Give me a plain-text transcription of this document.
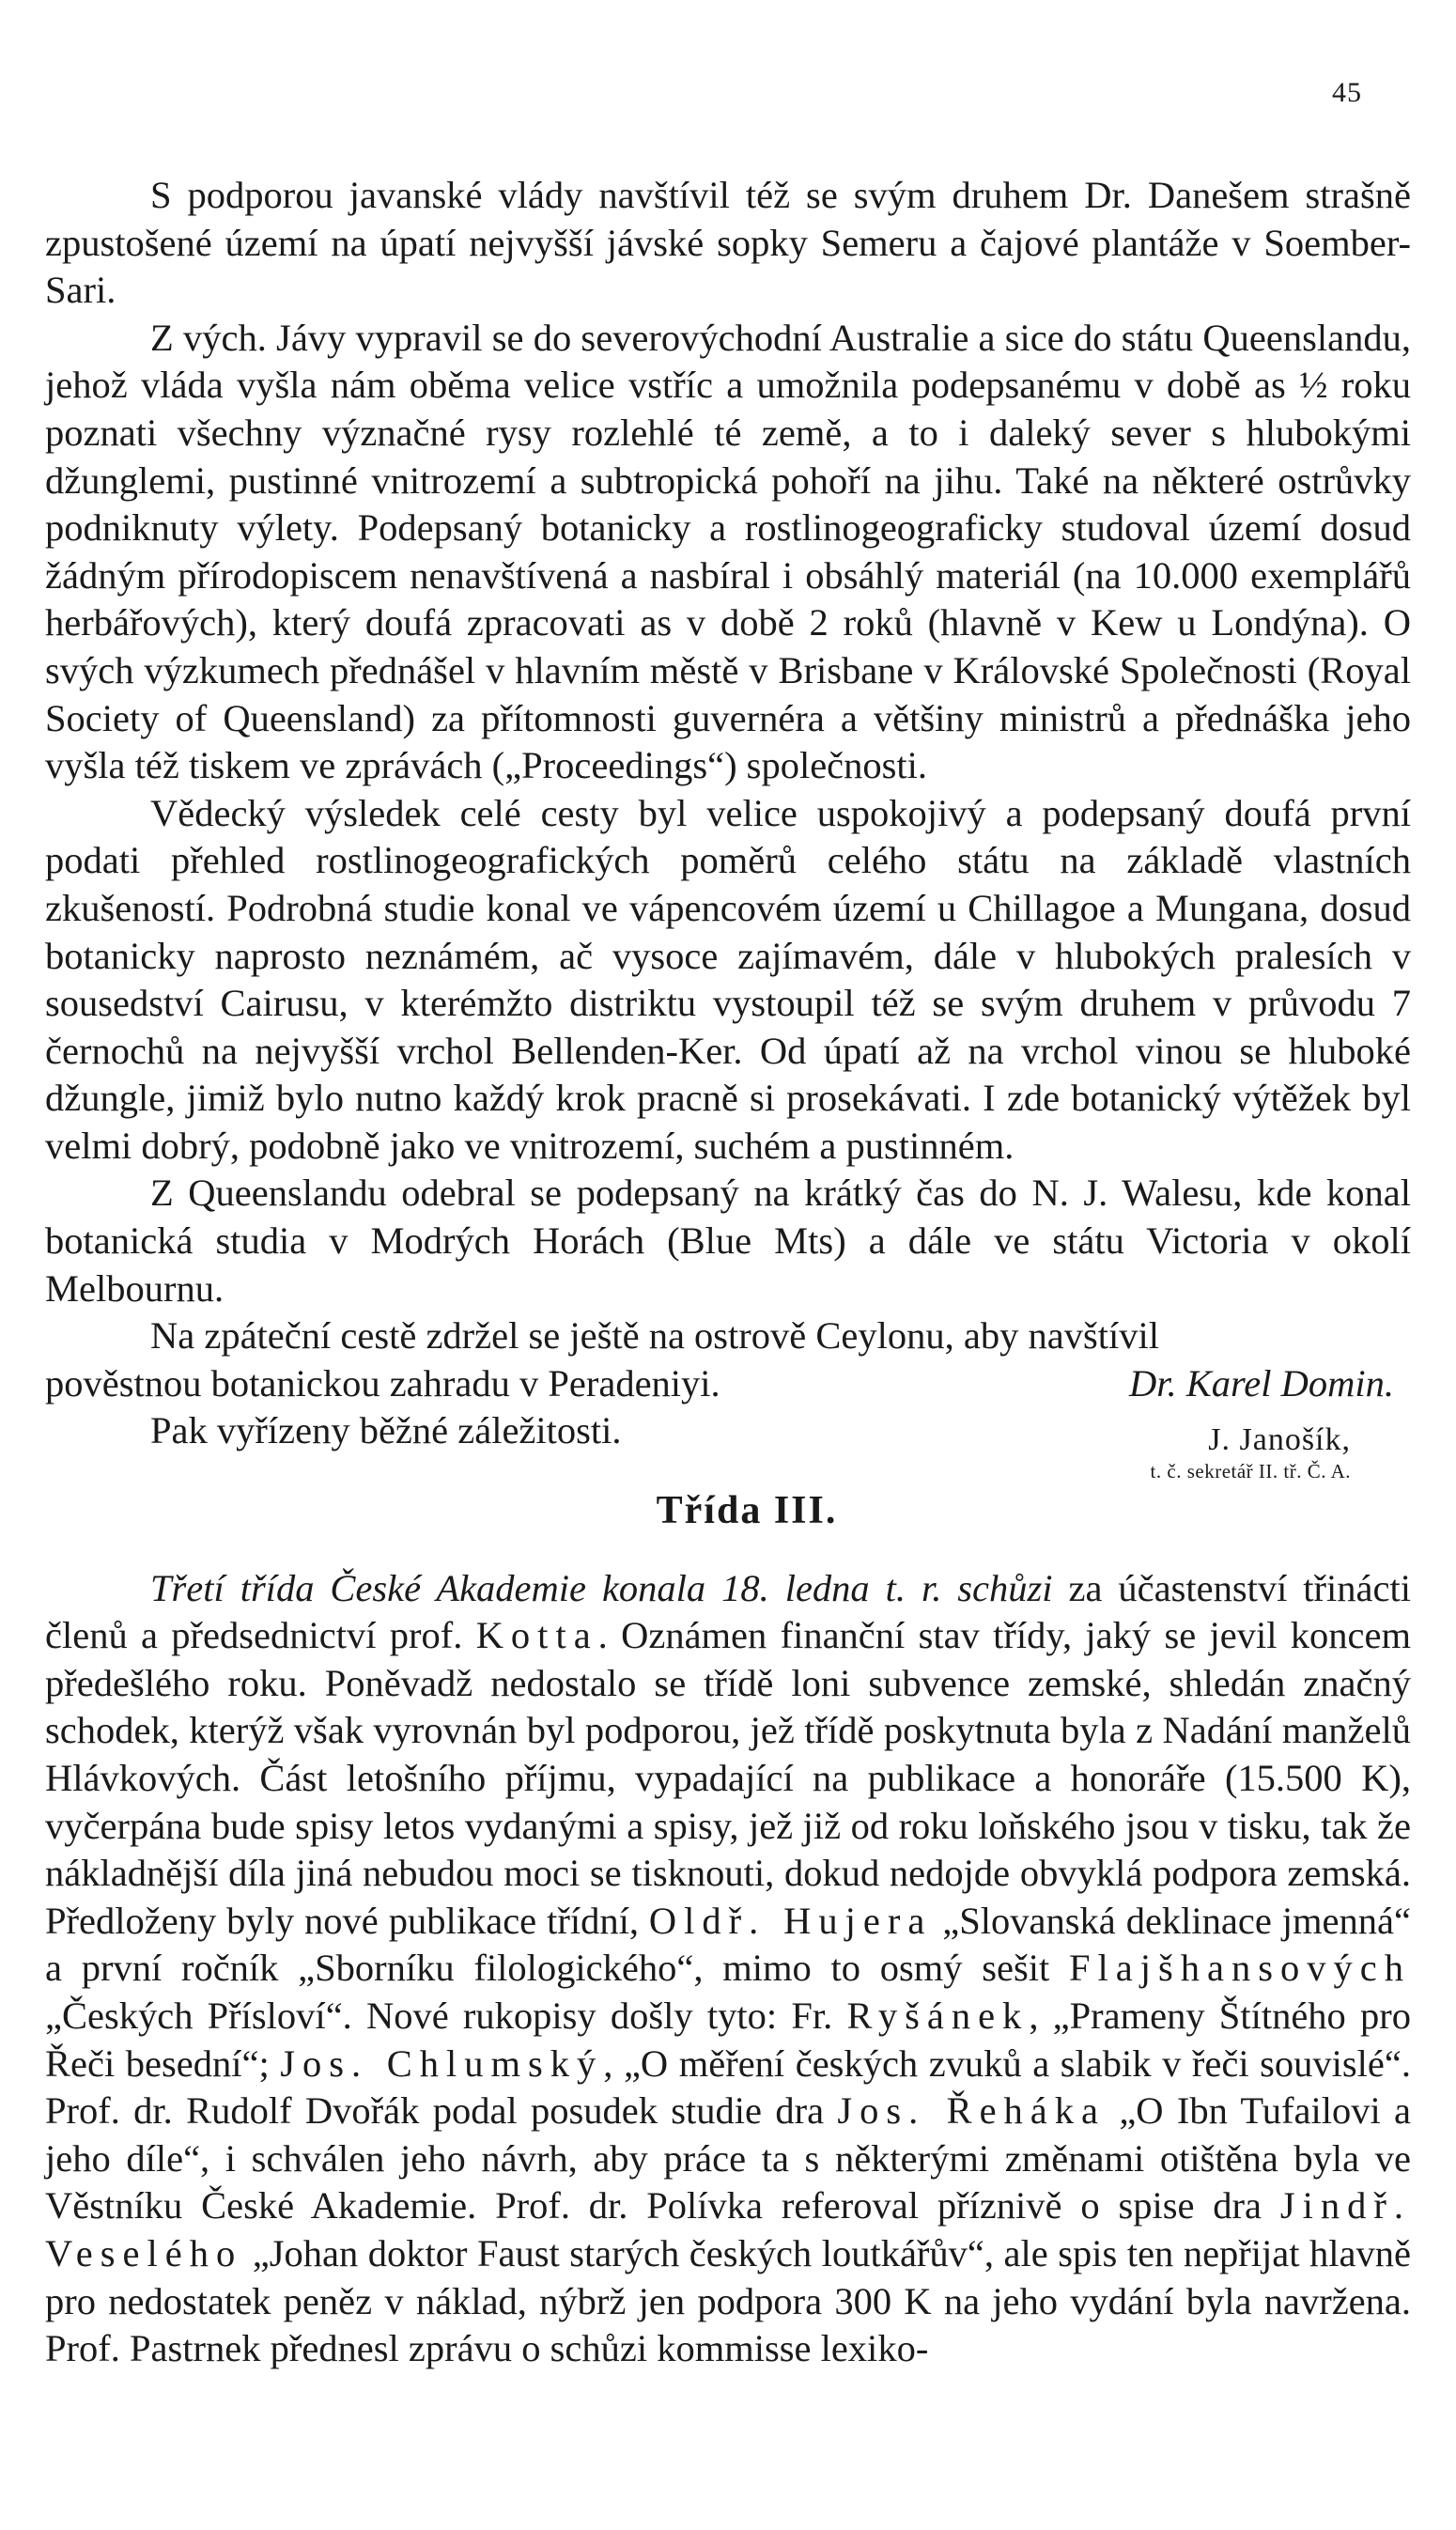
45

S podporou javanské vlády navštívil též se svým druhem Dr. Danešem strašně zpustošené území na úpatí nejvyšší jávské sopky Semeru a čajové plantáže v Soember-Sari.

Z vých. Jávy vypravil se do severovýchodní Australie a sice do státu Queenslandu, jehož vláda vyšla nám oběma velice vstříc a umožnila podepsanému v době as ½ roku poznati všechny význačné rysy rozlehlé té země, a to i daleký sever s hlubokými džunglemi, pustinné vnitrozemí a subtropická pohoří na jihu. Také na některé ostrůvky podniknuty výlety. Podepsaný botanicky a rostlinogeograficky studoval území dosud žádným přírodopiscem nenavštívená a nasbíral i obsáhlý materiál (na 10.000 exemplářů herbářových), který doufá zpracovati as v době 2 roků (hlavně v Kew u Londýna). O svých výzkumech přednášel v hlavním městě v Brisbane v Královské Společnosti (Royal Society of Queensland) za přítomnosti guvernéra a většiny ministrů a přednáška jeho vyšla též tiskem ve zprávách („Proceedings“) společnosti.

Vědecký výsledek celé cesty byl velice uspokojivý a podepsaný doufá první podati přehled rostlinogeografických poměrů celého státu na základě vlastních zkušeností. Podrobná studie konal ve vápencovém území u Chillagoe a Mungana, dosud botanicky naprosto neznámém, ač vysoce zajímavém, dále v hlubokých pralesích v sousedství Cairusu, v kterémžto distriktu vystoupil též se svým druhem v průvodu 7 černochů na nejvyšší vrchol Bellenden-Ker. Od úpatí až na vrchol vinou se hluboké džungle, jimiž bylo nutno každý krok pracně si prosekávati. I zde botanický výtěžek byl velmi dobrý, podobně jako ve vnitrozemí, suchém a pustinném.

Z Queenslandu odebral se podepsaný na krátký čas do N. J. Walesu, kde konal botanická studia v Modrých Horách (Blue Mts) a dále ve státu Victoria v okolí Melbournu.

Na zpáteční cestě zdržel se ještě na ostrově Ceylonu, aby navštívil

pověstnou botanickou zahradu v Peradeniyi.	Dr. Karel Domin.
Pak vyřízeny běžné záležitosti.	J. Janošík,
t. č. sekretář II. tř. Č. A.
Třída III.

Třetí třída České Akademie konala 18. ledna t. r. schůzi za účastenství třinácti členů a předsednictví prof. Kotta. Oznámen finanční stav třídy, jaký se jevil koncem předešlého roku. Poněvadž nedostalo se třídě loni subvence zemské, shledán značný schodek, kterýž však vyrovnán byl podporou, jež třídě poskytnuta byla z Nadání manželů Hlávkových. Část letošního příjmu, vypadající na publikace a honoráře (15.500 K), vyčerpána bude spisy letos vydanými a spisy, jež již od roku loňského jsou v tisku, tak že nákladnější díla jiná nebudou moci se tisknouti, dokud nedojde obvyklá podpora zemská. Předloženy byly nové publikace třídní, Oldř. Hujera „Slovanská deklinace jmenná“ a první ročník „Sborníku filologického“, mimo to osmý sešit Flajšhansových „Českých Přísloví“. Nové rukopisy došly tyto: Fr. Ryšánek, „Prameny Štítného pro Řeči besední“; Jos. Chlumský, „O měření českých zvuků a slabik v řeči souvislé“. Prof. dr. Rudolf Dvořák podal posudek studie dra Jos. Řeháka „O Ibn Tufailovi a jeho díle“, i schválen jeho návrh, aby práce ta s některými změnami otištěna byla ve Věstníku České Akademie. Prof. dr. Polívka referoval příznivě o spise dra Jindř. Veselého „Johan doktor Faust starých českých loutkářův“, ale spis ten nepřijat hlavně pro nedostatek peněz v náklad, nýbrž jen podpora 300 K na jeho vydání byla navržena. Prof. Pastrnek přednesl zprávu o schůzi kommisse lexiko-
